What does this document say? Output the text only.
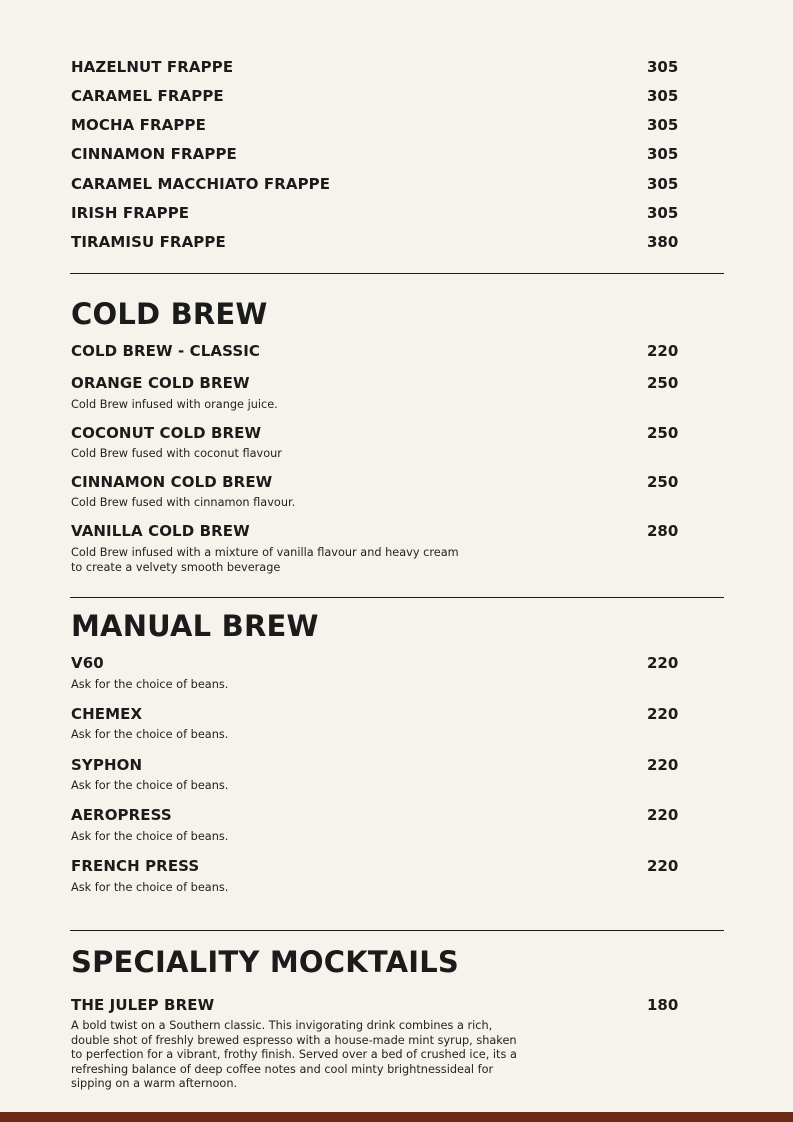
HAZELNUT FRAPPE	305
CARAMEL FRAPPE	305
MOCHA FRAPPE	305
CINNAMON FRAPPE	305
CARAMEL MACCHIATO FRAPPE	305
IRISH FRAPPE	305
TIRAMISU FRAPPE	380
COLD BREW
COLD BREW - CLASSIC	220
ORANGE COLD BREW	250
Cold Brew infused with orange juice.
COCONUT COLD BREW	250
Cold Brew fused with coconut flavour
CINNAMON COLD BREW	250
Cold Brew fused with cinnamon flavour.
VANILLA COLD BREW	280
Cold Brew infused with a mixture of vanilla flavour and heavy cream
to create a velvety smooth beverage
MANUAL BREW
V60	220
Ask for the choice of beans.
CHEMEX	220
Ask for the choice of beans.
SYPHON	220
Ask for the choice of beans.
AEROPRESS	220
Ask for the choice of beans.
FRENCH PRESS	220
Ask for the choice of beans.
SPECIALITY MOCKTAILS
THE JULEP BREW	180
A bold twist on a Southern classic. This invigorating drink combines a rich,
double shot of freshly brewed espresso with a house-made mint syrup, shaken
to perfection for a vibrant, frothy finish. Served over a bed of crushed ice, its a
refreshing balance of deep coffee notes and cool minty brightnessideal for
sipping on a warm afternoon.
